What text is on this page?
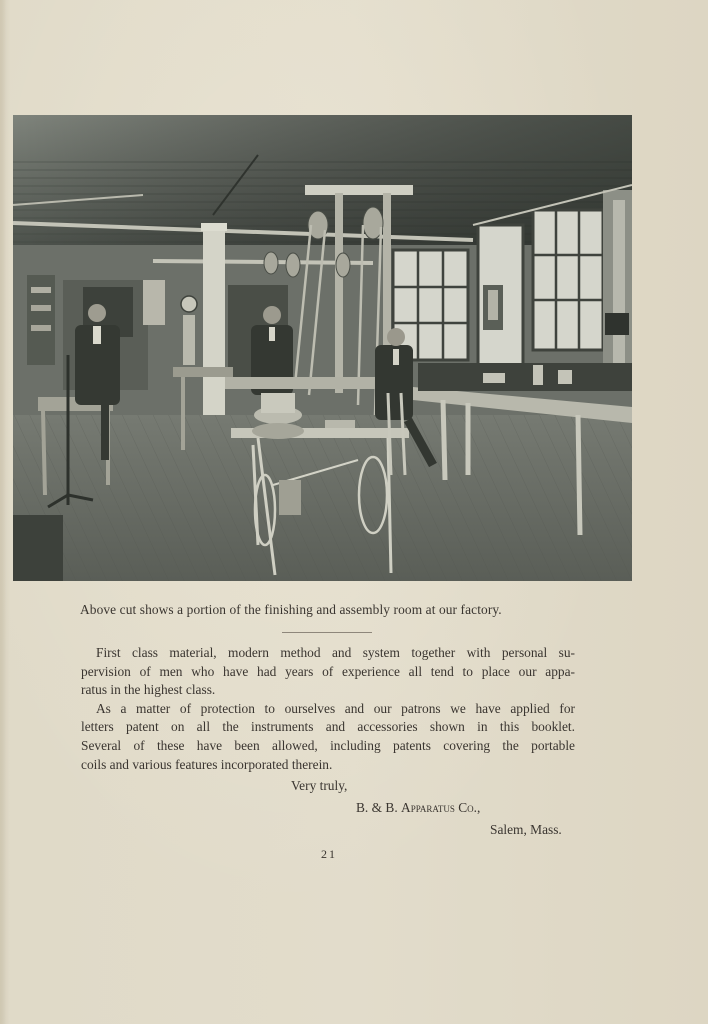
Above cut shows a portion of the finishing and assembly room at our factory.

First class material, modern method and system together with personal su-
pervision of men who have had years of experience all tend to place our appa-
ratus in the highest class.

As a matter of protection to ourselves and our patrons we have applied for
letters patent on all the instruments and accessories shown in this booklet.
Several of these have been allowed, including patents covering the portable
coils and various features incorporated therein.

Very truly,
B. & B. Apparatus Co.,
Salem, Mass.
21
